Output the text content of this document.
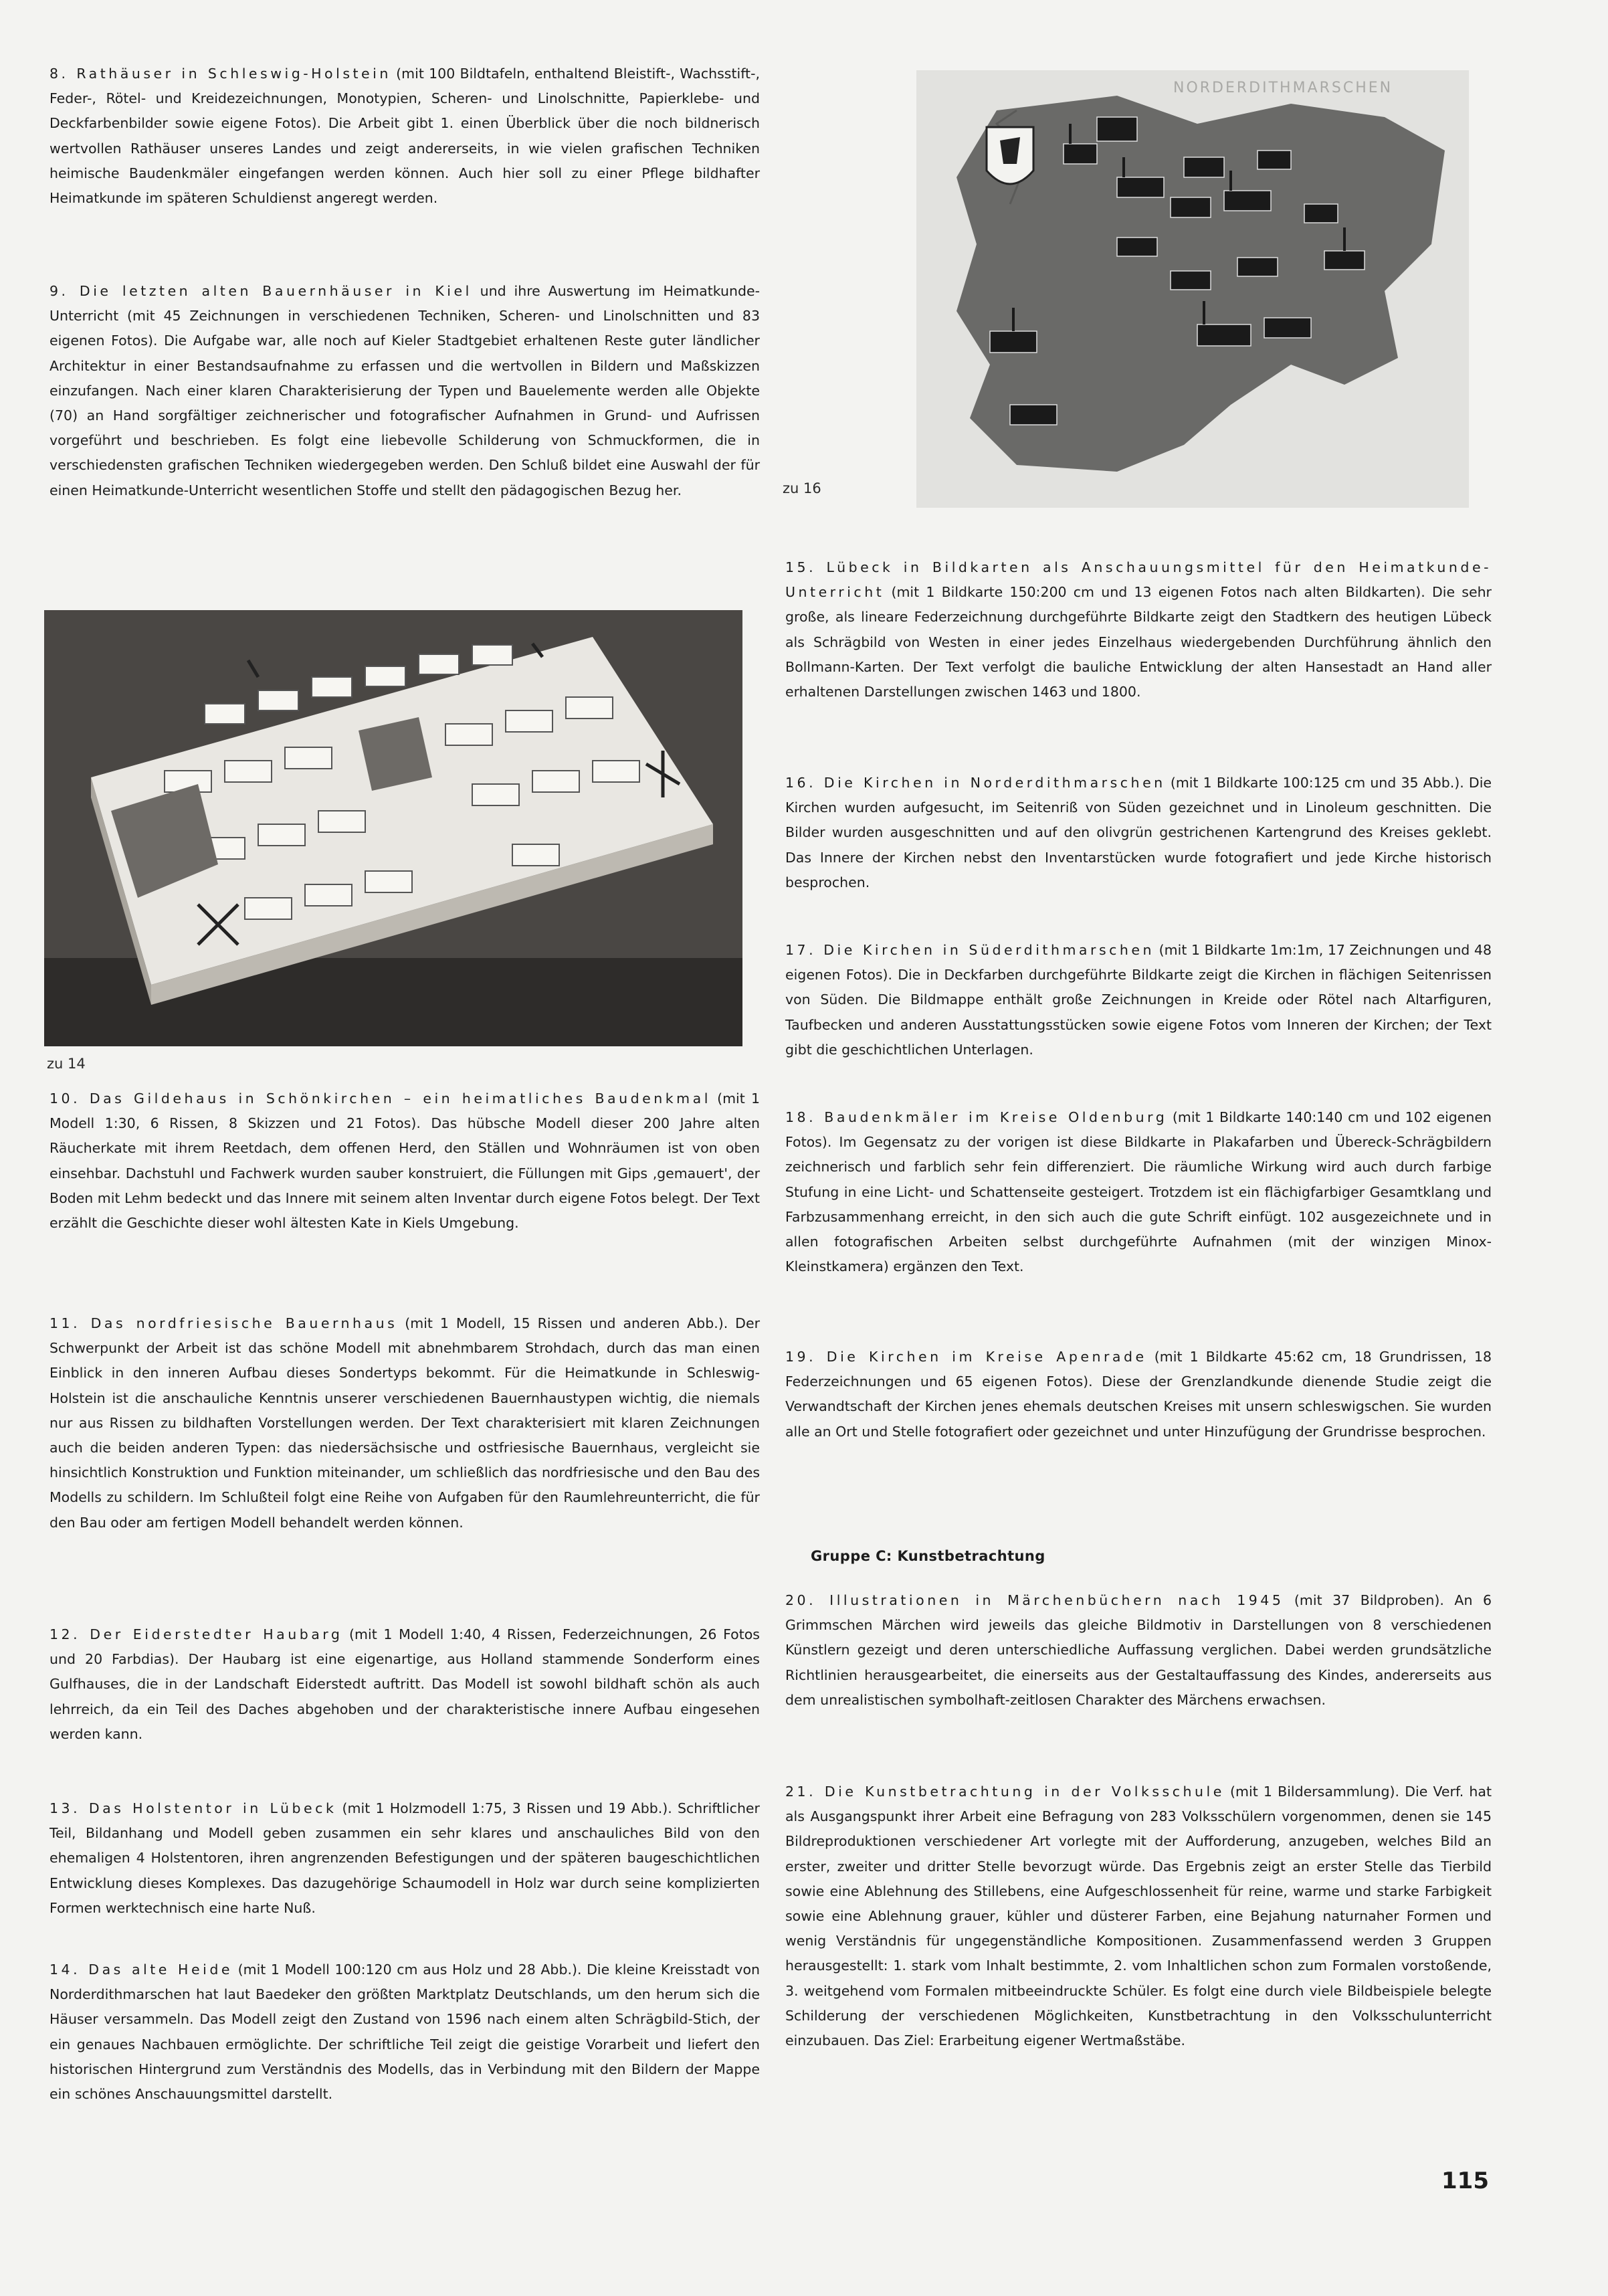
8. Rathäuser in Schleswig-Holstein (mit 100 Bildtafeln, enthaltend Bleistift-, Wachsstift-, Feder-, Rötel- und Kreidezeichnungen, Monotypien, Scheren- und Linolschnitte, Papierklebe- und Deckfarbenbilder sowie eigene Fotos). Die Arbeit gibt 1. einen Überblick über die noch bildnerisch wertvollen Rathäuser unseres Landes und zeigt andererseits, in wie vielen grafischen Techniken heimische Baudenkmäler eingefangen werden können. Auch hier soll zu einer Pflege bildhafter Heimatkunde im späteren Schuldienst angeregt werden.

9. Die letzten alten Bauernhäuser in Kiel und ihre Auswertung im Heimatkunde-Unterricht (mit 45 Zeichnungen in verschiedenen Techniken, Scheren- und Linolschnitten und 83 eigenen Fotos). Die Aufgabe war, alle noch auf Kieler Stadtgebiet erhaltenen Reste guter ländlicher Architektur in einer Bestandsaufnahme zu erfassen und die wertvollen in Bildern und Maßskizzen einzufangen. Nach einer klaren Charakterisierung der Typen und Bauelemente werden alle Objekte (70) an Hand sorgfältiger zeichnerischer und fotografischer Aufnahmen in Grund- und Aufrissen vorgeführt und beschrieben. Es folgt eine liebevolle Schilderung von Schmuckformen, die in verschiedensten grafischen Techniken wiedergegeben werden. Den Schluß bildet eine Auswahl der für einen Heimatkunde-Unterricht wesentlichen Stoffe und stellt den pädagogischen Bezug her.

10. Das Gildehaus in Schönkirchen – ein heimatliches Baudenkmal (mit 1 Modell 1:30, 6 Rissen, 8 Skizzen und 21 Fotos). Das hübsche Modell dieser 200 Jahre alten Räucherkate mit ihrem Reetdach, dem offenen Herd, den Ställen und Wohnräumen ist von oben einsehbar. Dachstuhl und Fachwerk wurden sauber konstruiert, die Füllungen mit Gips ‚gemauert', der Boden mit Lehm bedeckt und das Innere mit seinem alten Inventar durch eigene Fotos belegt. Der Text erzählt die Geschichte dieser wohl ältesten Kate in Kiels Umgebung.

11. Das nordfriesische Bauernhaus (mit 1 Modell, 15 Rissen und anderen Abb.). Der Schwerpunkt der Arbeit ist das schöne Modell mit abnehmbarem Strohdach, durch das man einen Einblick in den inneren Aufbau dieses Sondertyps bekommt. Für die Heimatkunde in Schleswig-Holstein ist die anschauliche Kenntnis unserer verschiedenen Bauernhaustypen wichtig, die niemals nur aus Rissen zu bildhaften Vorstellungen werden. Der Text charakterisiert mit klaren Zeichnungen auch die beiden anderen Typen: das niedersächsische und ostfriesische Bauernhaus, vergleicht sie hinsichtlich Konstruktion und Funktion miteinander, um schließlich das nordfriesische und den Bau des Modells zu schildern. Im Schlußteil folgt eine Reihe von Aufgaben für den Raumlehreunterricht, die für den Bau oder am fertigen Modell behandelt werden können.

12. Der Eiderstedter Haubarg (mit 1 Modell 1:40, 4 Rissen, Federzeichnungen, 26 Fotos und 20 Farbdias). Der Haubarg ist eine eigenartige, aus Holland stammende Sonderform eines Gulfhauses, die in der Landschaft Eiderstedt auftritt. Das Modell ist sowohl bildhaft schön als auch lehrreich, da ein Teil des Daches abgehoben und der charakteristische innere Aufbau eingesehen werden kann.

13. Das Holstentor in Lübeck (mit 1 Holzmodell 1:75, 3 Rissen und 19 Abb.). Schriftlicher Teil, Bildanhang und Modell geben zusammen ein sehr klares und anschauliches Bild von den ehemaligen 4 Holstentoren, ihren angrenzenden Befestigungen und der späteren baugeschichtlichen Entwicklung dieses Komplexes. Das dazugehörige Schaumodell in Holz war durch seine komplizierten Formen werktechnisch eine harte Nuß.

14. Das alte Heide (mit 1 Modell 100:120 cm aus Holz und 28 Abb.). Die kleine Kreisstadt von Norderdithmarschen hat laut Baedeker den größten Marktplatz Deutschlands, um den herum sich die Häuser versammeln. Das Modell zeigt den Zustand von 1596 nach einem alten Schrägbild-Stich, der ein genaues Nachbauen ermöglichte. Der schriftliche Teil zeigt die geistige Vorarbeit und liefert den historischen Hintergrund zum Verständnis des Modells, das in Verbindung mit den Bildern der Mappe ein schönes Anschauungsmittel darstellt.

zu 14

15. Lübeck in Bildkarten als Anschauungsmittel für den Heimatkunde-Unterricht (mit 1 Bildkarte 150:200 cm und 13 eigenen Fotos nach alten Bildkarten). Die sehr große, als lineare Federzeichnung durchgeführte Bildkarte zeigt den Stadtkern des heutigen Lübeck als Schrägbild von Westen in einer jedes Einzelhaus wiedergebenden Durchführung ähnlich den Bollmann-Karten. Der Text verfolgt die bauliche Entwicklung der alten Hansestadt an Hand aller erhaltenen Darstellungen zwischen 1463 und 1800.

16. Die Kirchen in Norderdithmarschen (mit 1 Bildkarte 100:125 cm und 35 Abb.). Die Kirchen wurden aufgesucht, im Seitenriß von Süden gezeichnet und in Linoleum geschnitten. Die Bilder wurden ausgeschnitten und auf den olivgrün gestrichenen Kartengrund des Kreises geklebt. Das Innere der Kirchen nebst den Inventarstücken wurde fotografiert und jede Kirche historisch besprochen.

17. Die Kirchen in Süderdithmarschen (mit 1 Bildkarte 1m:1m, 17 Zeichnungen und 48 eigenen Fotos). Die in Deckfarben durchgeführte Bildkarte zeigt die Kirchen in flächigen Seitenrissen von Süden. Die Bildmappe enthält große Zeichnungen in Kreide oder Rötel nach Altarfiguren, Taufbecken und anderen Ausstattungsstücken sowie eigene Fotos vom Inneren der Kirchen; der Text gibt die geschichtlichen Unterlagen.

18. Baudenkmäler im Kreise Oldenburg (mit 1 Bildkarte 140:140 cm und 102 eigenen Fotos). Im Gegensatz zu der vorigen ist diese Bildkarte in Plakafarben und Übereck-Schrägbildern zeichnerisch und farblich sehr fein differenziert. Die räumliche Wirkung wird auch durch farbige Stufung in eine Licht- und Schattenseite gesteigert. Trotzdem ist ein flächigfarbiger Gesamtklang und Farbzusammenhang erreicht, in den sich auch die gute Schrift einfügt. 102 ausgezeichnete und in allen fotografischen Arbeiten selbst durchgeführte Aufnahmen (mit der winzigen Minox-Kleinstkamera) ergänzen den Text.

19. Die Kirchen im Kreise Apenrade (mit 1 Bildkarte 45:62 cm, 18 Grundrissen, 18 Federzeichnungen und 65 eigenen Fotos). Diese der Grenzlandkunde dienende Studie zeigt die Verwandtschaft der Kirchen jenes ehemals deutschen Kreises mit unsern schleswigschen. Sie wurden alle an Ort und Stelle fotografiert oder gezeichnet und unter Hinzufügung der Grundrisse besprochen.

Gruppe C: Kunstbetrachtung

20. Illustrationen in Märchenbüchern nach 1945 (mit 37 Bildproben). An 6 Grimmschen Märchen wird jeweils das gleiche Bildmotiv in Darstellungen von 8 verschiedenen Künstlern gezeigt und deren unterschiedliche Auffassung verglichen. Dabei werden grundsätzliche Richtlinien herausgearbeitet, die einerseits aus der Gestaltauffassung des Kindes, andererseits aus dem unrealistischen symbolhaft-zeitlosen Charakter des Märchens erwachsen.

21. Die Kunstbetrachtung in der Volksschule (mit 1 Bildersammlung). Die Verf. hat als Ausgangspunkt ihrer Arbeit eine Befragung von 283 Volksschülern vorgenommen, denen sie 145 Bildreproduktionen verschiedener Art vorlegte mit der Aufforderung, anzugeben, welches Bild an erster, zweiter und dritter Stelle bevorzugt würde. Das Ergebnis zeigt an erster Stelle das Tierbild sowie eine Ablehnung des Stillebens, eine Aufgeschlossenheit für reine, warme und starke Farbigkeit sowie eine Ablehnung grauer, kühler und düsterer Farben, eine Bejahung naturnaher Formen und wenig Verständnis für ungegenständliche Kompositionen. Zusammenfassend werden 3 Gruppen herausgestellt: 1. stark vom Inhalt bestimmte, 2. vom Inhaltlichen schon zum Formalen vorstoßende, 3. weitgehend vom Formalen mitbeeindruckte Schüler. Es folgt eine durch viele Bildbeispiele belegte Schilderung der verschiedenen Möglichkeiten, Kunstbetrachtung in den Volksschulunterricht einzubauen. Das Ziel: Erarbeitung eigener Wertmaßstäbe.

NORDERDITHMARSCHEN
zu 16
115
